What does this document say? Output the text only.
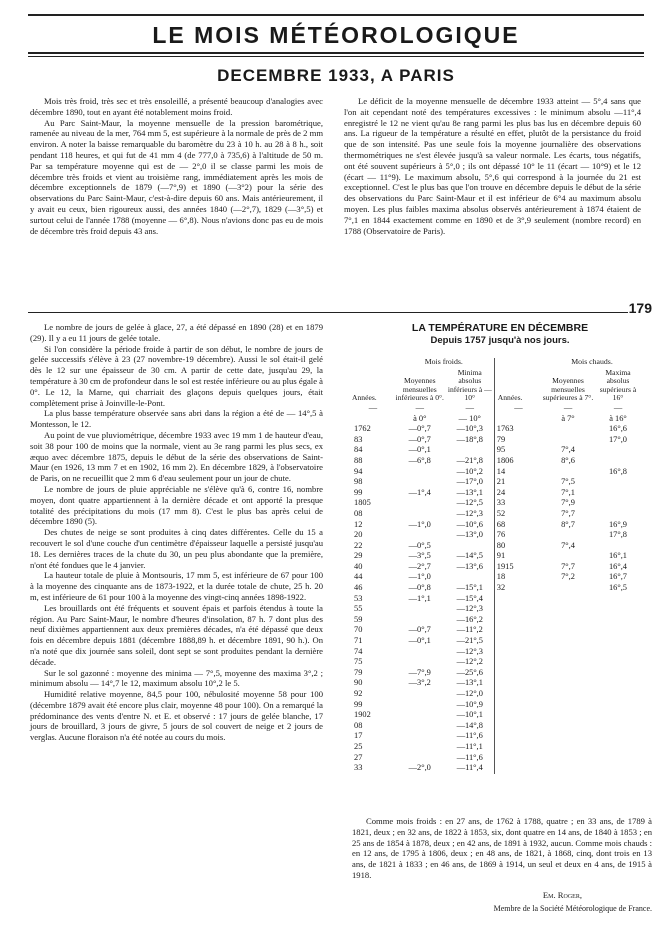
LE MOIS MÉTÉOROLOGIQUE
DECEMBRE 1933, A PARIS

Mois très froid, très sec et très ensoleillé, a présenté beaucoup d'analogies avec décembre 1890, tout en ayant été notablement moins froid.

Au Parc Saint-Maur, la moyenne mensuelle de la pression barométrique, ramenée au niveau de la mer, 764 mm 5, est supérieure à la normale de près de 2 mm environ. A noter la baisse remarquable du baromètre du 23 à 10 h. au 28 à 8 h., soit pendant 118 heures, et qui fut de 41 mm 4 (de 777,0 à 735,6) à l'altitude de 50 m. Par sa température moyenne qui est de — 2°,0 il se classe parmi les mois de décembre très froids et vient au troisième rang, immédiatement après les mois de décembre exceptionnels de 1879 (—7°,9) et 1890 (—3°2) pour la série des observations du Parc Saint-Maur, c'est-à-dire depuis 60 ans. Mais antérieurement, il y avait eu ceux, bien rigoureux aussi, des années 1840 (—2°,7), 1829 (—3°,5) et surtout celui de l'année 1788 (moyenne — 6°,8). Nous n'avions donc pas eu de mois de décembre très froid depuis 43 ans.

Le déficit de la moyenne mensuelle de décembre 1933 atteint — 5°,4 sans que l'on ait cependant noté des températures excessives : le minimum absolu —11°,4 enregistré le 12 ne vient qu'au 8e rang parmi les plus bas lus en décembre depuis 60 ans. La rigueur de la température a résulté en effet, plutôt de la persistance du froid que de son intensité. Pas une seule fois la moyenne journalière des observations thermométriques ne s'est élevée jusqu'à sa valeur normale. Les écarts, tous négatifs, ont été souvent supérieurs à 5°,0 ; ils ont dépassé 10° le 11 (écart — 10°9) et le 12 (écart — 11°9). Le maximum absolu, 5°,6 qui correspond à la journée du 21 est exceptionnel. C'est le plus bas que l'on trouve en décembre depuis le début de la série des observations du Parc Saint-Maur et il est inférieur de 6°4 au maximum absolu moyen. Les plus faibles maxima absolus observés antérieurement à 1874 étaient de 7°,1 en 1844 exactement comme en 1890 et de 3°,9 seulement (nombre record) en 1788 (Observatoire de Paris).

179

Le nombre de jours de gelée à glace, 27, a été dépassé en 1890 (28) et en 1879 (29). Il y a eu 11 jours de gelée totale.

Si l'on considère la période froide à partir de son début, le nombre de jours de gelée successifs s'élève à 23 (27 novembre-19 décembre). Aussi le sol était-il gelé dès le 12 sur une épaisseur de 30 cm. A partir de cette date, jusqu'au 29, la température à 30 cm de profondeur dans le sol est restée inférieure ou au plus égale à 0°. Le 12, la Marne, qui charriait des glaçons depuis quelques jours, était complètement prise à Joinville-le-Pont.

La plus basse température observée sans abri dans la région a été de — 14°,5 à Montesson, le 12.

Au point de vue pluviométrique, décembre 1933 avec 19 mm 1 de hauteur d'eau, soit 38 pour 100 de moins que la normale, vient au 3e rang parmi les plus secs, ex æquo avec décembre 1875, depuis le début de la série des observations de Saint-Maur (en 1926, 13 mm 7 et en 1902, 16 mm 2). En décembre 1829, à l'observatoire de Paris, on ne recueillit que 2 mm 6 d'eau seulement pour un jour de chute.

Le nombre de jours de pluie appréciable ne s'élève qu'à 6, contre 16, nombre moyen, dont quatre appartiennent à la dernière décade et ont apporté la presque totalité des précipitations du mois (17 mm 8). C'est le plus bas après celui de décembre 1890 (5).

Des chutes de neige se sont produites à cinq dates différentes. Celle du 15 a recouvert le sol d'une couche d'un centimètre d'épaisseur laquelle a persisté jusqu'au 18. Les dernières traces de la chute du 30, un peu plus abondante que la première, n'ont été fondues que le 4 janvier.

La hauteur totale de pluie à Montsouris, 17 mm 5, est inférieure de 67 pour 100 à la moyenne des cinquante ans de 1873-1922, et la durée totale de chute, 25 h. 20 m, est inférieure de 61 pour 100 à la moyenne des vingt-cinq années 1898-1922.

Les brouillards ont été fréquents et souvent épais et parfois étendus à toute la région. Au Parc Saint-Maur, le nombre d'heures d'insolation, 87 h. 7 dont plus des neuf dixièmes appartiennent aux deux premières décades, n'a été dépassé que deux fois en décembre depuis 1881 (décembre 1888,89 h. et décembre 1891, 90 h.). On n'a noté que dix journée sans soleil, dont sept se sont produites pendant la dernière décade.

Sur le sol gazonné : moyenne des minima — 7°,5, moyenne des maxima 3°,2 ; minimum absolu — 14°,7 le 12, maximum absolu 10°,2 le 5.

Humidité relative moyenne, 84,5 pour 100, nébulosité moyenne 58 pour 100 (décembre 1879 avait été encore plus clair, moyenne 48 pour 100). On a remarqué la prédominance des vents d'entre N. et E. et observé : 17 jours de gelée blanche, 17 jours de brouillard, 3 jours de givre, 5 jours de sol couvert de neige et 2 jours de verglas. Aucune floraison n'a été notée au cours du mois.

LA TEMPÉRATURE EN DÉCEMBRE
Depuis 1757 jusqu'à nos jours.
	Mois froids.			Mois chauds.	
Années.	Moyennes mensuelles inférieures à 0°.	Minima absolus inférieurs à — 10°	Années.	Moyennes mensuelles supérieures à 7°.	Maxima absolus supérieurs à 16°
—	—	—	—	—	—
	à 0°	— 10°		à 7°	à 16°
1762	—0°,7	—10°,3	1763		16°,6
83	—0°,7	—18°,8	79		17°,0
84	—0°,1		95	7°,4	
88	—6°,8	—21°,8	1806	8°,6	
94		—10°,2	14		16°,8
98		—17°,0	21	7°,5	
99	—1°,4	—13°,1	24	7°,1	
1805		—12°,5	33	7°,9	
08		—12°,3	52	7°,7	
12	—1°,0	—10°,6	68	8°,7	16°,9
20		—13°,0	76		17°,8
22	—0°,5		80	7°,4	
29	—3°,5	—14°,5	91		16°,1
40	—2°,7	—13°,6	1915	7°,7	16°,4
44	—1°,0		18	7°,2	16°,7
46	—0°,8	—15°,1	32		16°,5
53	—1°,1	—15°,4			
55		—12°,3			
59		—16°,2			
70	—0°,7	—11°,2			
71	—0°,1	—21°,5			
74		—12°,3			
75		—12°,2			
79	—7°,9	—25°,6			
90	—3°,2	—13°,1			
92		—12°,0			
99		—10°,9			
1902		—10°,1			
08		—14°,8			
17		—11°,6			
25		—11°,1			
27		—11°,6			
33	—2°,0	—11°,4			

Comme mois froids : en 27 ans, de 1762 à 1788, quatre ; en 33 ans, de 1789 à 1821, deux ; en 32 ans, de 1822 à 1853, six, dont quatre en 14 ans, de 1840 à 1853 ; en 25 ans de 1854 à 1878, deux ; en 42 ans, de 1891 à 1932, aucun. Comme mois chauds : en 12 ans, de 1795 à 1806, deux ; en 48 ans, de 1821, à 1868, cinq, dont trois en 13 ans, de 1821 à 1833 ; en 46 ans, de 1869 à 1914, un seul et deux en 4 ans, de 1915 à 1918.

Em. Roger,
Membre de la Société Météorologique de France.
